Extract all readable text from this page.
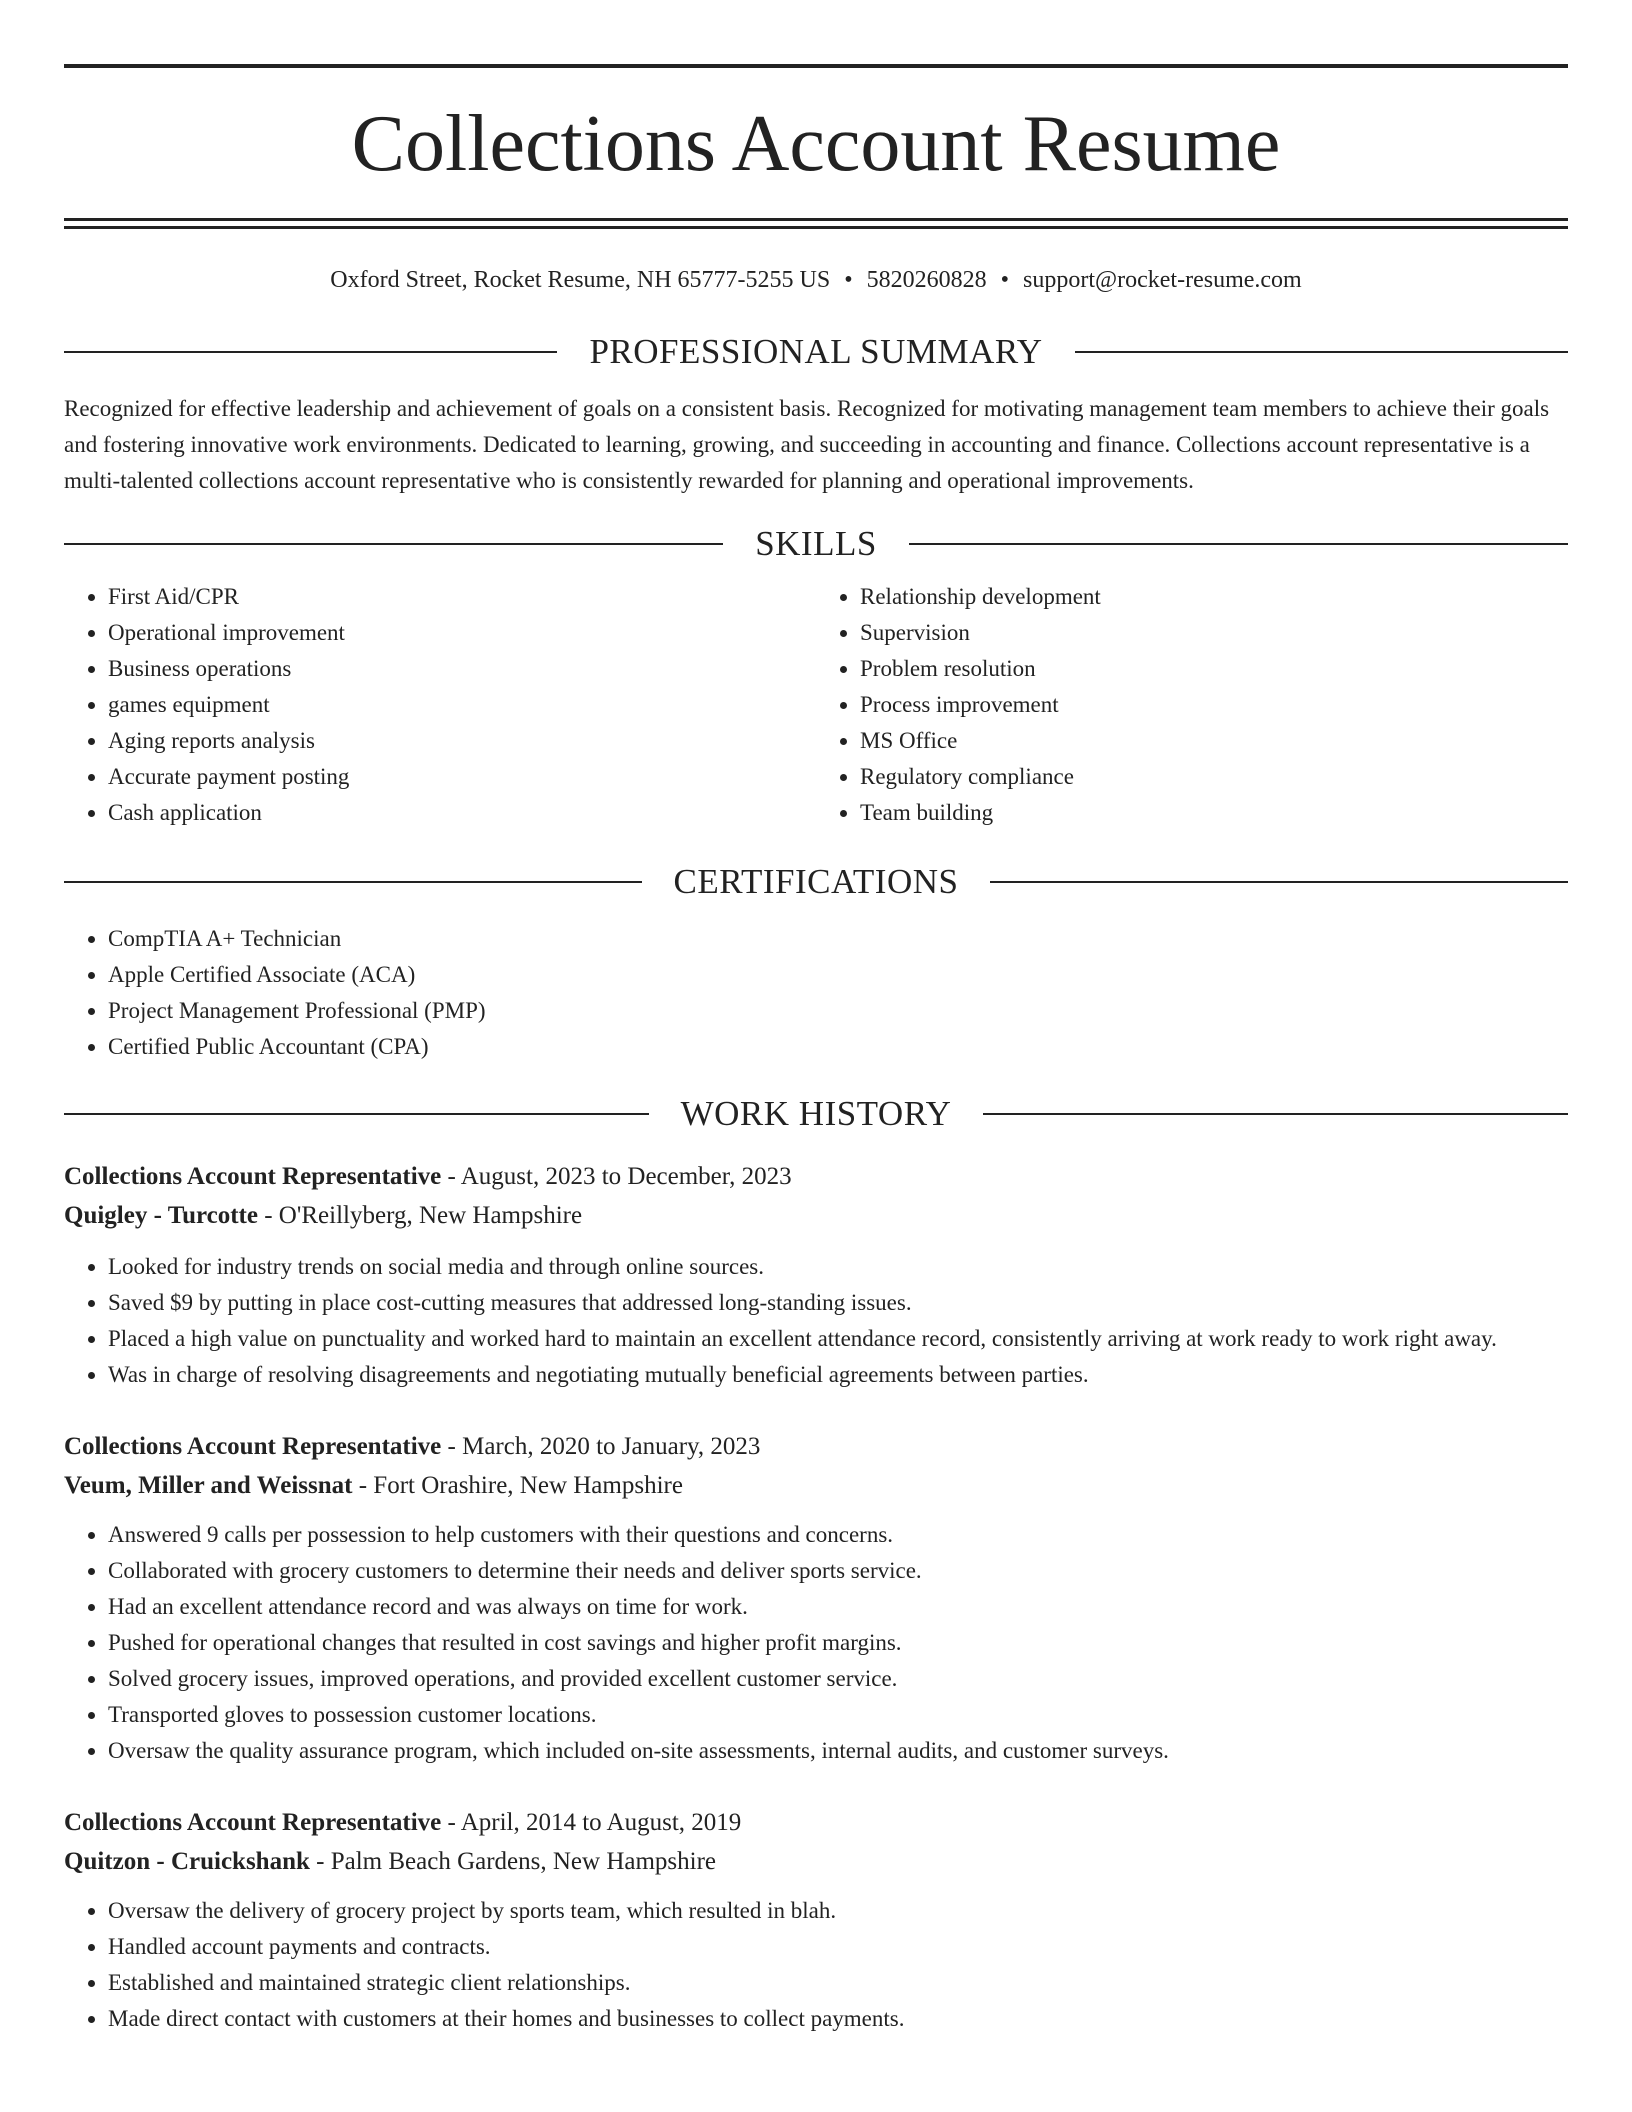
Collections Account Resume
Oxford Street, Rocket Resume, NH 65777-5255 US • 5820260828 • support@rocket-resume.com
PROFESSIONAL SUMMARY

Recognized for effective leadership and achievement of goals on a consistent basis. Recognized for motivating management team members to achieve their goals and fostering innovative work environments. Dedicated to learning, growing, and succeeding in accounting and finance. Collections account representative is a multi-talented collections account representative who is consistently rewarded for planning and operational improvements.

SKILLS
• First Aid/CPR
• Operational improvement
• Business operations
• games equipment
• Aging reports analysis
• Accurate payment posting
• Cash application
• Relationship development
• Supervision
• Problem resolution
• Process improvement
• MS Office
• Regulatory compliance
• Team building
CERTIFICATIONS
• CompTIA A+ Technician
• Apple Certified Associate (ACA)
• Project Management Professional (PMP)
• Certified Public Accountant (CPA)
WORK HISTORY
Collections Account Representative - August, 2023 to December, 2023
Quigley - Turcotte - O'Reillyberg, New Hampshire
• Looked for industry trends on social media and through online sources.
• Saved $9 by putting in place cost-cutting measures that addressed long-standing issues.
• Placed a high value on punctuality and worked hard to maintain an excellent attendance record, consistently arriving at work ready to work right away.
• Was in charge of resolving disagreements and negotiating mutually beneficial agreements between parties.
Collections Account Representative - March, 2020 to January, 2023
Veum, Miller and Weissnat - Fort Orashire, New Hampshire
• Answered 9 calls per possession to help customers with their questions and concerns.
• Collaborated with grocery customers to determine their needs and deliver sports service.
• Had an excellent attendance record and was always on time for work.
• Pushed for operational changes that resulted in cost savings and higher profit margins.
• Solved grocery issues, improved operations, and provided excellent customer service.
• Transported gloves to possession customer locations.
• Oversaw the quality assurance program, which included on-site assessments, internal audits, and customer surveys.
Collections Account Representative - April, 2014 to August, 2019
Quitzon - Cruickshank - Palm Beach Gardens, New Hampshire
• Oversaw the delivery of grocery project by sports team, which resulted in blah.
• Handled account payments and contracts.
• Established and maintained strategic client relationships.
• Made direct contact with customers at their homes and businesses to collect payments.
